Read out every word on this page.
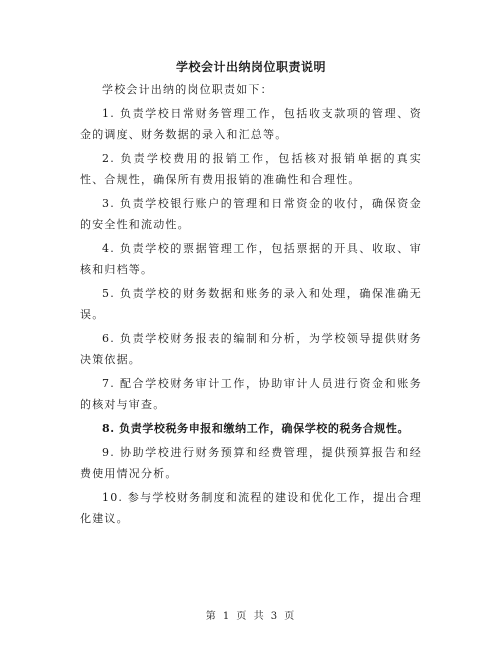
学校会计出纳岗位职责说明

学校会计出纳的岗位职责如下：

1. 负责学校日常财务管理工作，包括收支款项的管理、资金的调度、财务数据的录入和汇总等。

2. 负责学校费用的报销工作，包括核对报销单据的真实性、合规性，确保所有费用报销的准确性和合理性。

3. 负责学校银行账户的管理和日常资金的收付，确保资金的安全性和流动性。

4. 负责学校的票据管理工作，包括票据的开具、收取、审核和归档等。

5. 负责学校的财务数据和账务的录入和处理，确保准确无误。

6. 负责学校财务报表的编制和分析，为学校领导提供财务决策依据。

7. 配合学校财务审计工作，协助审计人员进行资金和账务的核对与审查。

8. 负责学校税务申报和缴纳工作，确保学校的税务合规性。

9. 协助学校进行财务预算和经费管理，提供预算报告和经费使用情况分析。

10. 参与学校财务制度和流程的建设和优化工作，提出合理化建议。

第 1 页 共 3 页
